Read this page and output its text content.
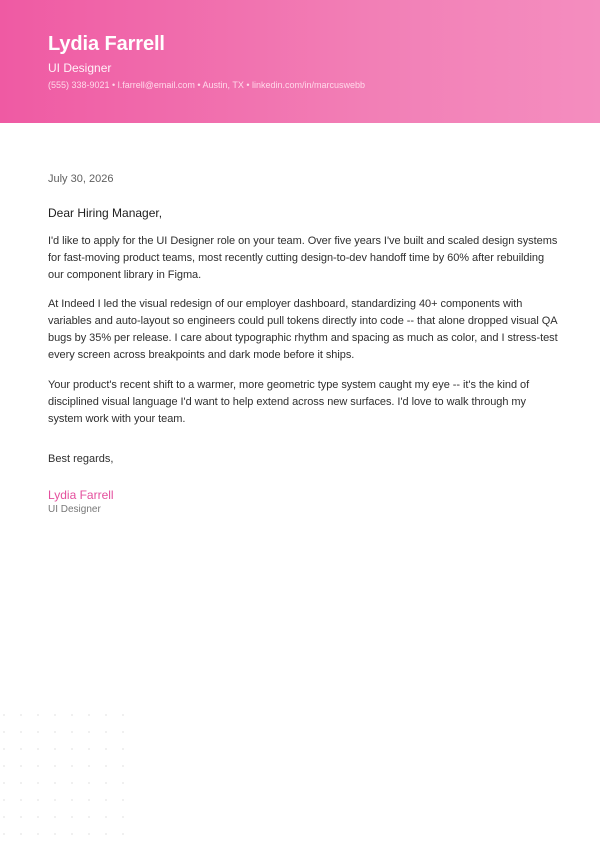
Lydia Farrell
UI Designer
(555) 338-9021 • l.farrell@email.com • Austin, TX • linkedin.com/in/marcuswebb
July 30, 2026
Dear Hiring Manager,

I'd like to apply for the UI Designer role on your team. Over five years I've built and scaled design systems for fast-moving product teams, most recently cutting design-to-dev handoff time by 60% after rebuilding our component library in Figma.

At Indeed I led the visual redesign of our employer dashboard, standardizing 40+ components with variables and auto-layout so engineers could pull tokens directly into code -- that alone dropped visual QA bugs by 35% per release. I care about typographic rhythm and spacing as much as color, and I stress-test every screen across breakpoints and dark mode before it ships.

Your product's recent shift to a warmer, more geometric type system caught my eye -- it's the kind of disciplined visual language I'd want to help extend across new surfaces. I'd love to walk through my system work with your team.

Best regards,
Lydia Farrell
UI Designer
